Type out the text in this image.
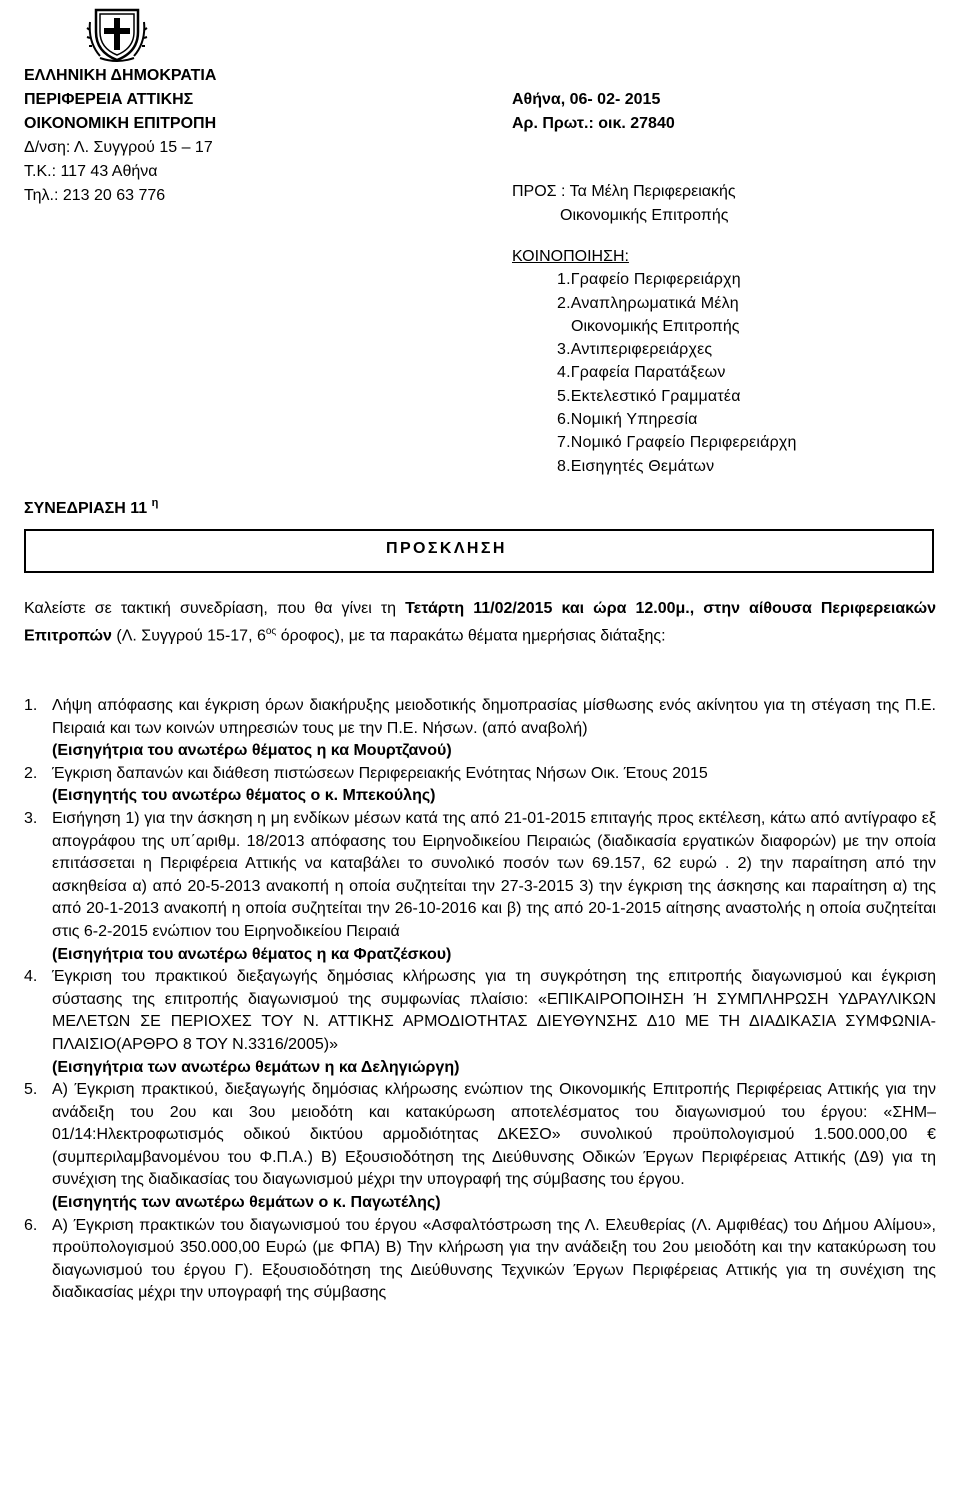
ΕΛΛΗΝΙΚΗ ΔΗΜΟΚΡΑΤΙΑ
ΠΕΡΙΦΕΡΕΙΑ ΑΤΤΙΚΗΣ
ΟΙΚΟΝΟΜΙΚΗ ΕΠΙΤΡΟΠΗ
Δ/νση: Λ. Συγγρού 15 – 17
Τ.Κ.: 117 43 Αθήνα
Τηλ.: 213 20 63 776
Αθήνα, 06- 02- 2015
Αρ. Πρωτ.: οικ. 27840
ΠΡΟΣ : Τα Μέλη Περιφερειακής
Οικονομικής Επιτροπής
ΚΟΙΝΟΠΟΙΗΣΗ:
1.Γραφείο Περιφερειάρχη
2.Αναπληρωματικά Μέλη
Οικονομικής Επιτροπής
3.Αντιπεριφερειάρχες
4.Γραφεία Παρατάξεων
5.Εκτελεστικό Γραμματέα
6.Νομική Υπηρεσία
7.Νομικό Γραφείο Περιφερειάρχη
8.Εισηγητές Θεμάτων
ΣΥΝΕΔΡΙΑΣΗ 11 $^\eta$
ΠΡΟΣΚΛΗΣΗ
Καλείστε σε τακτική συνεδρίαση, που θα γίνει τη Τετάρτη 11/02/2015 και ώρα 12.00μ., στην αίθουσα Περιφερειακών Επιτροπών (Λ. Συγγρού 15-17, $6^{o\varsigma}$ όροφος), με τα παρακάτω θέματα ημερήσιας διάταξης:
1. Λήψη απόφασης και έγκριση όρων διακήρυξης μειοδοτικής δημοπρασίας μίσθωσης ενός ακίνητου για τη στέγαση της Π.Ε. Πειραιά και των κοινών υπηρεσιών τους με την Π.Ε. Νήσων. (από αναβολή)
(Εισηγήτρια του ανωτέρω θέματος η κα Μουρτζανού)
2. Έγκριση δαπανών και διάθεση πιστώσεων Περιφερειακής Ενότητας Νήσων Οικ. Έτους 2015
(Εισηγητής του ανωτέρω θέματος ο κ. Μπεκούλης)
3. Εισήγηση 1) για την άσκηση η μη ενδίκων μέσων κατά της από 21-01-2015 επιταγής προς εκτέλεση, κάτω από αντίγραφο εξ απογράφου της υπ΄αριθμ. 18/2013 απόφασης του Ειρηνοδικείου Πειραιώς (διαδικασία εργατικών διαφορών) με την οποία επιτάσσεται η Περιφέρεια Αττικής να καταβάλει το συνολικό ποσόν των 69.157, 62 ευρώ . 2) την παραίτηση από την ασκηθείσα α) από 20-5-2013 ανακοπή η οποία συζητείται την 27-3-2015 3) την έγκριση της άσκησης και παραίτηση α) της από 20-1-2013 ανακοπή η οποία συζητείται την 26-10-2016 και β) της από 20-1-2015 αίτησης αναστολής η οποία συζητείται στις 6-2-2015 ενώπιον του Ειρηνοδικείου Πειραιά
(Εισηγήτρια του ανωτέρω θέματος η κα Φρατζέσκου)
4. Έγκριση του πρακτικού διεξαγωγής δημόσιας κλήρωσης για τη συγκρότηση της επιτροπής διαγωνισμού και έγκριση σύστασης της επιτροπής διαγωνισμού της συμφωνίας πλαίσιο: «ΕΠΙΚΑΙΡΟΠΟΙΗΣΗ Ή ΣΥΜΠΛΗΡΩΣΗ ΥΔΡΑΥΛΙΚΩΝ ΜΕΛΕΤΩΝ ΣΕ ΠΕΡΙΟΧΕΣ ΤΟΥ Ν. ΑΤΤΙΚΗΣ ΑΡΜΟΔΙΟΤΗΤΑΣ ΔΙΕΥΘΥΝΣΗΣ Δ10 ΜΕ ΤΗ ΔΙΑΔΙΚΑΣΙΑ ΣΥΜΦΩΝΙΑ-ΠΛΑΙΣΙΟ(ΑΡΘΡΟ 8 ΤΟΥ Ν.3316/2005)»
(Εισηγήτρια των ανωτέρω θεμάτων η κα Δεληγιώργη)
5. Α) Έγκριση πρακτικού, διεξαγωγής δημόσιας κλήρωσης ενώπιον της Οικονομικής Επιτροπής Περιφέρειας Αττικής για την ανάδειξη του 2ου και 3ου μειοδότη και κατακύρωση αποτελέσματος του διαγωνισμού του έργου: «ΣΗΜ–01/14:Ηλεκτροφωτισμός οδικού δικτύου αρμοδιότητας ΔΚΕΣΟ» συνολικού προϋπολογισμού 1.500.000,00 € (συμπεριλαμβανομένου του Φ.Π.Α.) Β) Εξουσιοδότηση της Διεύθυνσης Οδικών Έργων Περιφέρειας Αττικής (Δ9) για τη συνέχιση της διαδικασίας του διαγωνισμού μέχρι την υπογραφή της σύμβασης του έργου.
(Εισηγητής των ανωτέρω θεμάτων ο κ. Παγωτέλης)
6. Α) Έγκριση πρακτικών του διαγωνισμού του έργου «Ασφαλτόστρωση της Λ. Ελευθερίας (Λ. Αμφιθέας) του Δήμου Αλίμου», προϋπολογισμού 350.000,00 Ευρώ (με ΦΠΑ) Β) Την κλήρωση για την ανάδειξη του 2ου μειοδότη και την κατακύρωση του διαγωνισμού του έργου Γ). Εξουσιοδότηση της Διεύθυνσης Τεχνικών Έργων Περιφέρειας Αττικής για τη συνέχιση της διαδικασίας μέχρι την υπογραφή της σύμβασης
